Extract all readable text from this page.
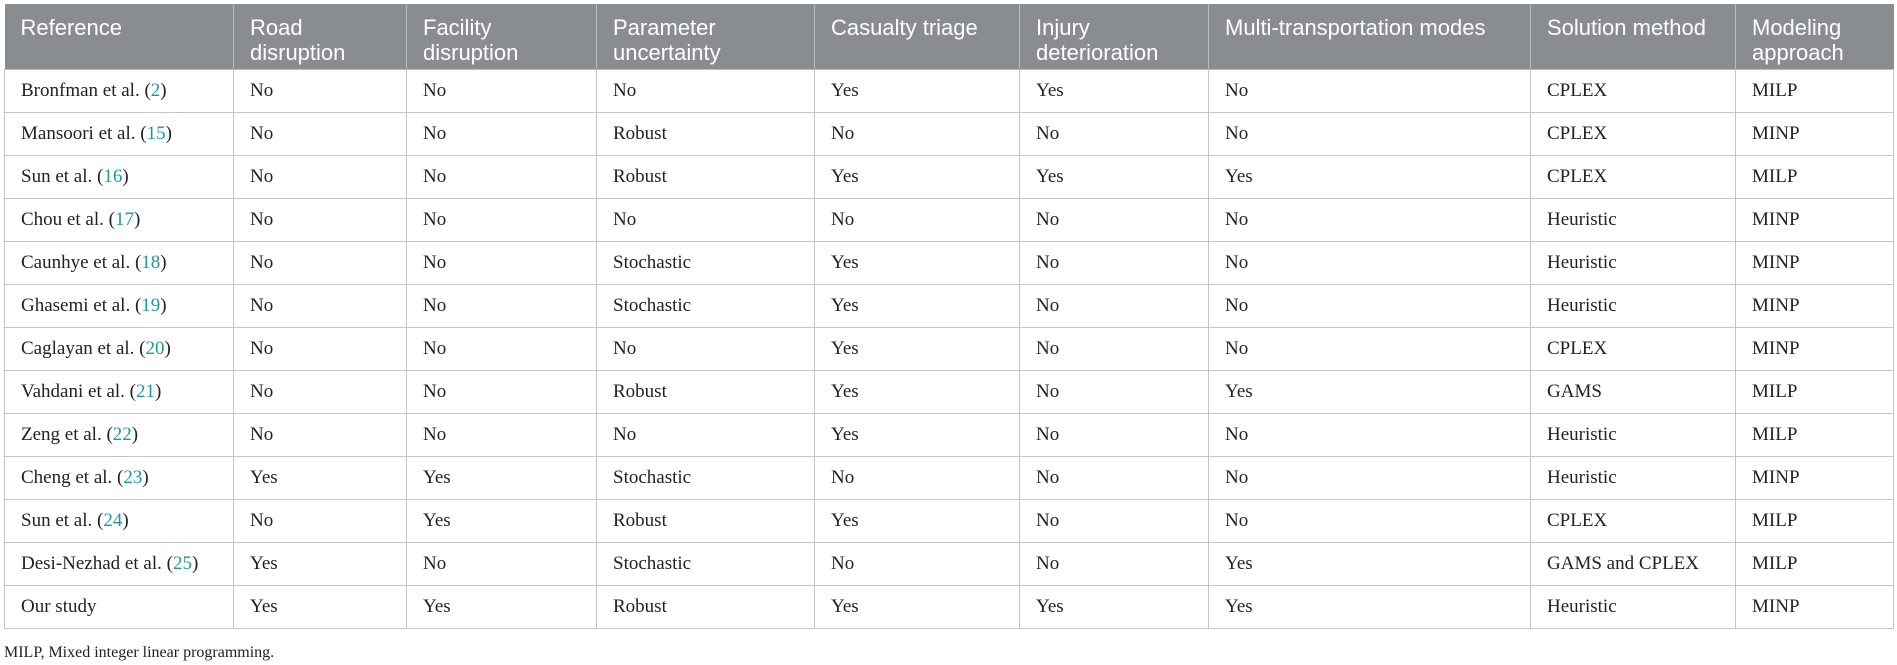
Reference	Road disruption	Facility disruption	Parameter uncertainty	Casualty triage	Injury deterioration	Multi-transportation modes	Solution method	Modeling approach
Bronfman et al. (2)	No	No	No	Yes	Yes	No	CPLEX	MILP
Mansoori et al. (15)	No	No	Robust	No	No	No	CPLEX	MINP
Sun et al. (16)	No	No	Robust	Yes	Yes	Yes	CPLEX	MILP
Chou et al. (17)	No	No	No	No	No	No	Heuristic	MINP
Caunhye et al. (18)	No	No	Stochastic	Yes	No	No	Heuristic	MINP
Ghasemi et al. (19)	No	No	Stochastic	Yes	No	No	Heuristic	MINP
Caglayan et al. (20)	No	No	No	Yes	No	No	CPLEX	MINP
Vahdani et al. (21)	No	No	Robust	Yes	No	Yes	GAMS	MILP
Zeng et al. (22)	No	No	No	Yes	No	No	Heuristic	MILP
Cheng et al. (23)	Yes	Yes	Stochastic	No	No	No	Heuristic	MINP
Sun et al. (24)	No	Yes	Robust	Yes	No	No	CPLEX	MILP
Desi-Nezhad et al. (25)	Yes	No	Stochastic	No	No	Yes	GAMS and CPLEX	MILP
Our study	Yes	Yes	Robust	Yes	Yes	Yes	Heuristic	MINP
MILP, Mixed integer linear programming.
